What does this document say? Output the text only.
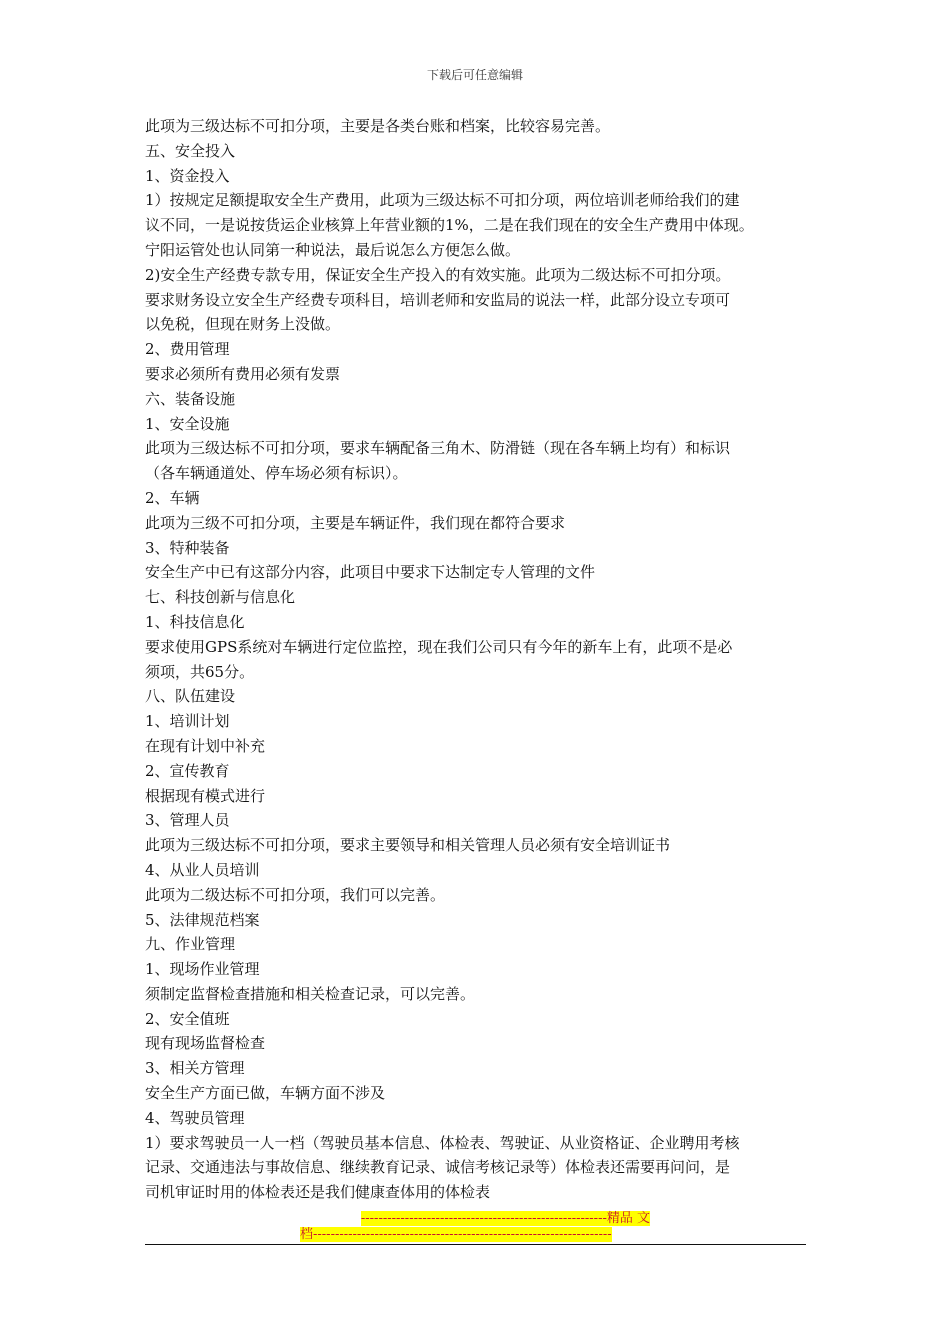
下载后可任意编辑
此项为三级达标不可扣分项，主要是各类台账和档案，比较容易完善。
五、安全投入
1、资金投入
1）按规定足额提取安全生产费用，此项为三级达标不可扣分项，两位培训老师给我们的建
议不同，一是说按货运企业核算上年营业额的1%，二是在我们现在的安全生产费用中体现。
宁阳运管处也认同第一种说法，最后说怎么方便怎么做。
2)安全生产经费专款专用，保证安全生产投入的有效实施。此项为二级达标不可扣分项。
要求财务设立安全生产经费专项科目，培训老师和安监局的说法一样，此部分设立专项可
以免税，但现在财务上没做。
2、费用管理
要求必须所有费用必须有发票
六、装备设施
1、安全设施
此项为三级达标不可扣分项，要求车辆配备三角木、防滑链（现在各车辆上均有）和标识
（各车辆通道处、停车场必须有标识）。
2、车辆
此项为三级不可扣分项，主要是车辆证件，我们现在都符合要求
3、特种装备
安全生产中已有这部分内容，此项目中要求下达制定专人管理的文件
七、科技创新与信息化
1、科技信息化
要求使用GPS系统对车辆进行定位监控，现在我们公司只有今年的新车上有，此项不是必
须项，共65分。
八、队伍建设
1、培训计划
在现有计划中补充
2、宣传教育
根据现有模式进行
3、管理人员
此项为三级达标不可扣分项，要求主要领导和相关管理人员必须有安全培训证书
4、从业人员培训
此项为二级达标不可扣分项，我们可以完善。
5、法律规范档案
九、作业管理
1、现场作业管理
须制定监督检查措施和相关检查记录，可以完善。
2、安全值班
现有现场监督检查
3、相关方管理
安全生产方面已做，车辆方面不涉及
4、驾驶员管理
1）要求驾驶员一人一档（驾驶员基本信息、体检表、驾驶证、从业资格证、企业聘用考核
记录、交通违法与事故信息、继续教育记录、诚信考核记录等）体检表还需要再问问，是
司机审证时用的体检表还是我们健康查体用的体检表
--------------------------------------------------------精品 文
档--------------------------------------------------------------------
